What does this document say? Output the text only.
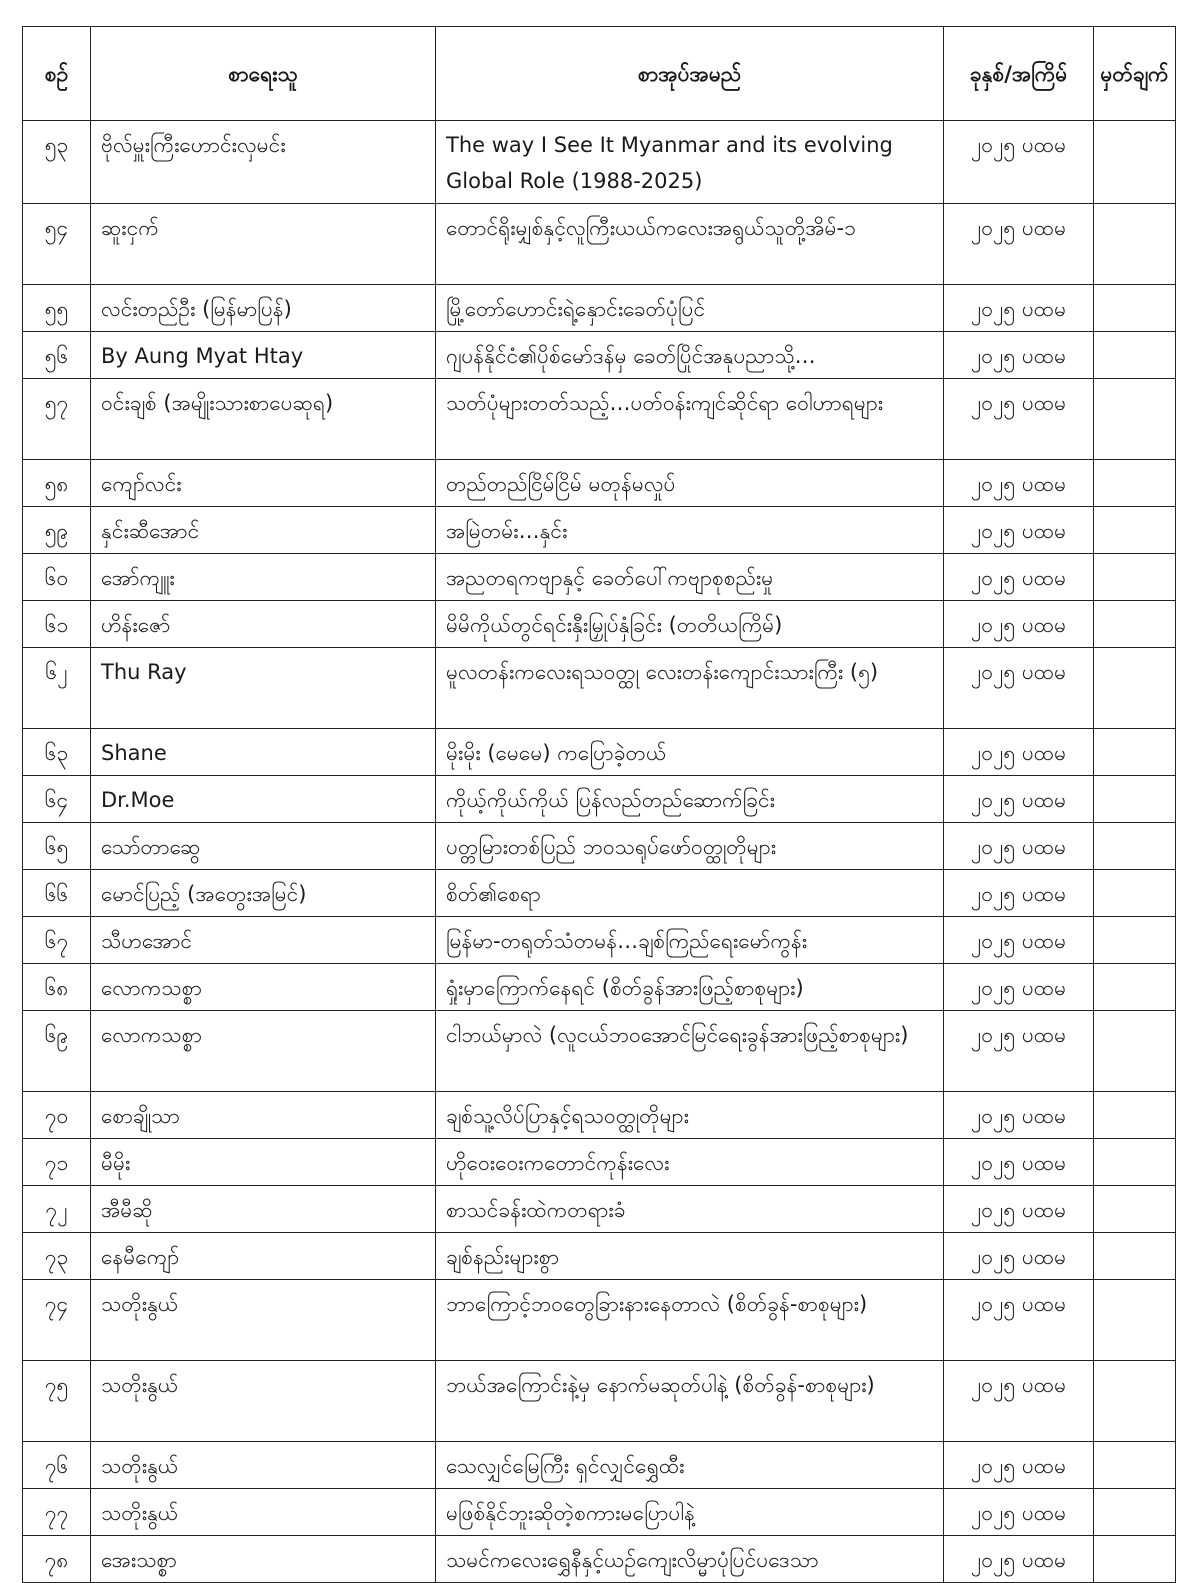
စဉ်	စာရေးသူ	စာအုပ်အမည်	ခုနှစ်/အကြိမ်	မှတ်ချက်
၅၃	ဗိုလ်မှူးကြီးဟောင်းလှမင်း	The way I See It Myanmar and its evolving Global Role (1988-2025)	၂၀၂၅ ပထမ	
၅၄	ဆူးငှက်	တောင်ရိုးမျှစ်နှင့်လူကြီးယယ်ကလေးအရွယ်သူတို့အိမ်-၁	၂၀၂၅ ပထမ	
၅၅	လင်းတည်ဦး (မြန်မာပြန်)	မြို့တော်ဟောင်းရဲ့နှောင်းခေတ်ပုံပြင်	၂၀၂၅ ပထမ	
၅၆	By Aung Myat Htay	ဂျပန်နိုင်ငံ၏ပိုစ်မော်ဒန်မှ ခေတ်ပြိုင်အနုပညာသို့…	၂၀၂၅ ပထမ	
၅၇	ဝင်းချစ် (အမျိုးသားစာပေဆုရ)	သတ်ပုံများတတ်သည့်…ပတ်ဝန်းကျင်ဆိုင်ရာ ဝေါဟာရများ	၂၀၂၅ ပထမ	
၅၈	ကျော်လင်း	တည်တည်ငြိမ်ငြိမ် မတုန်မလှုပ်	၂၀၂၅ ပထမ	
၅၉	နှင်းဆီအောင်	အမြဲတမ်း…နှင်း	၂၀၂၅ ပထမ	
၆၀	အော်ကျူး	အညတရကဗျာနှင့် ခေတ်ပေါ်ကဗျာစုစည်းမှု	၂၀၂၅ ပထမ	
၆၁	ဟိန်းဇော်	မိမိကိုယ်တွင်ရင်းနှီးမြှုပ်နှံခြင်း (တတိယကြိမ်)	၂၀၂၅ ပထမ	
၆၂	Thu Ray	မူလတန်းကလေးရသဝတ္ထု လေးတန်းကျောင်းသားကြီး (၅)	၂၀၂၅ ပထမ	
၆၃	Shane	မိုးမိုး (မေမေ) ကပြောခဲ့တယ်	၂၀၂၅ ပထမ	
၆၄	Dr.Moe	ကိုယ့်ကိုယ်ကိုယ် ပြန်လည်တည်ဆောက်ခြင်း	၂၀၂၅ ပထမ	
၆၅	သော်တာဆွေ	ပတ္တမြားတစ်ပြည် ဘဝသရုပ်ဖော်ဝတ္ထုတိုများ	၂၀၂၅ ပထမ	
၆၆	မောင်ပြည့် (အတွေးအမြင်)	စိတ်၏စေရာ	၂၀၂၅ ပထမ	
၆၇	သီဟအောင်	မြန်မာ-တရုတ်သံတမန်…ချစ်ကြည်ရေးမော်ကွန်း	၂၀၂၅ ပထမ	
၆၈	လောကသစ္စာ	ရှုံးမှာကြောက်နေရင် (စိတ်ခွန်အားဖြည့်စာစုများ)	၂၀၂၅ ပထမ	
၆၉	လောကသစ္စာ	ငါဘယ်မှာလဲ (လူငယ်ဘဝအောင်မြင်ရေးခွန်အားဖြည့်စာစုများ)	၂၀၂၅ ပထမ	
၇၀	စောချိုသာ	ချစ်သူ့လိပ်ပြာနှင့်ရသဝတ္ထုတိုများ	၂၀၂၅ ပထမ	
၇၁	မီမိုး	ဟိုဝေးဝေးကတောင်ကုန်းလေး	၂၀၂၅ ပထမ	
၇၂	အီမီဆို	စာသင်ခန်းထဲကတရားခံ	၂၀၂၅ ပထမ	
၇၃	နေမီကျော်	ချစ်နည်းများစွာ	၂၀၂၅ ပထမ	
၇၄	သတိုးနွယ်	ဘာကြောင့်ဘဝတွေခြားနားနေတာလဲ (စိတ်ခွန်-စာစုများ)	၂၀၂၅ ပထမ	
၇၅	သတိုးနွယ်	ဘယ်အကြောင်းနဲ့မှ နောက်မဆုတ်ပါနဲ့ (စိတ်ခွန်-စာစုများ)	၂၀၂၅ ပထမ	
၇၆	သတိုးနွယ်	သေလျှင်မြေကြီး ရှင်လျှင်ရွှေထီး	၂၀၂၅ ပထမ	
၇၇	သတိုးနွယ်	မဖြစ်နိုင်ဘူးဆိုတဲ့စကားမပြောပါနဲ့	၂၀၂၅ ပထမ	
၇၈	အေးသစ္စာ	သမင်ကလေးရွှေနီနှင့်ယဉ်ကျေးလိမ္မာပုံပြင်ပဒေသာ	၂၀၂၅ ပထမ	
